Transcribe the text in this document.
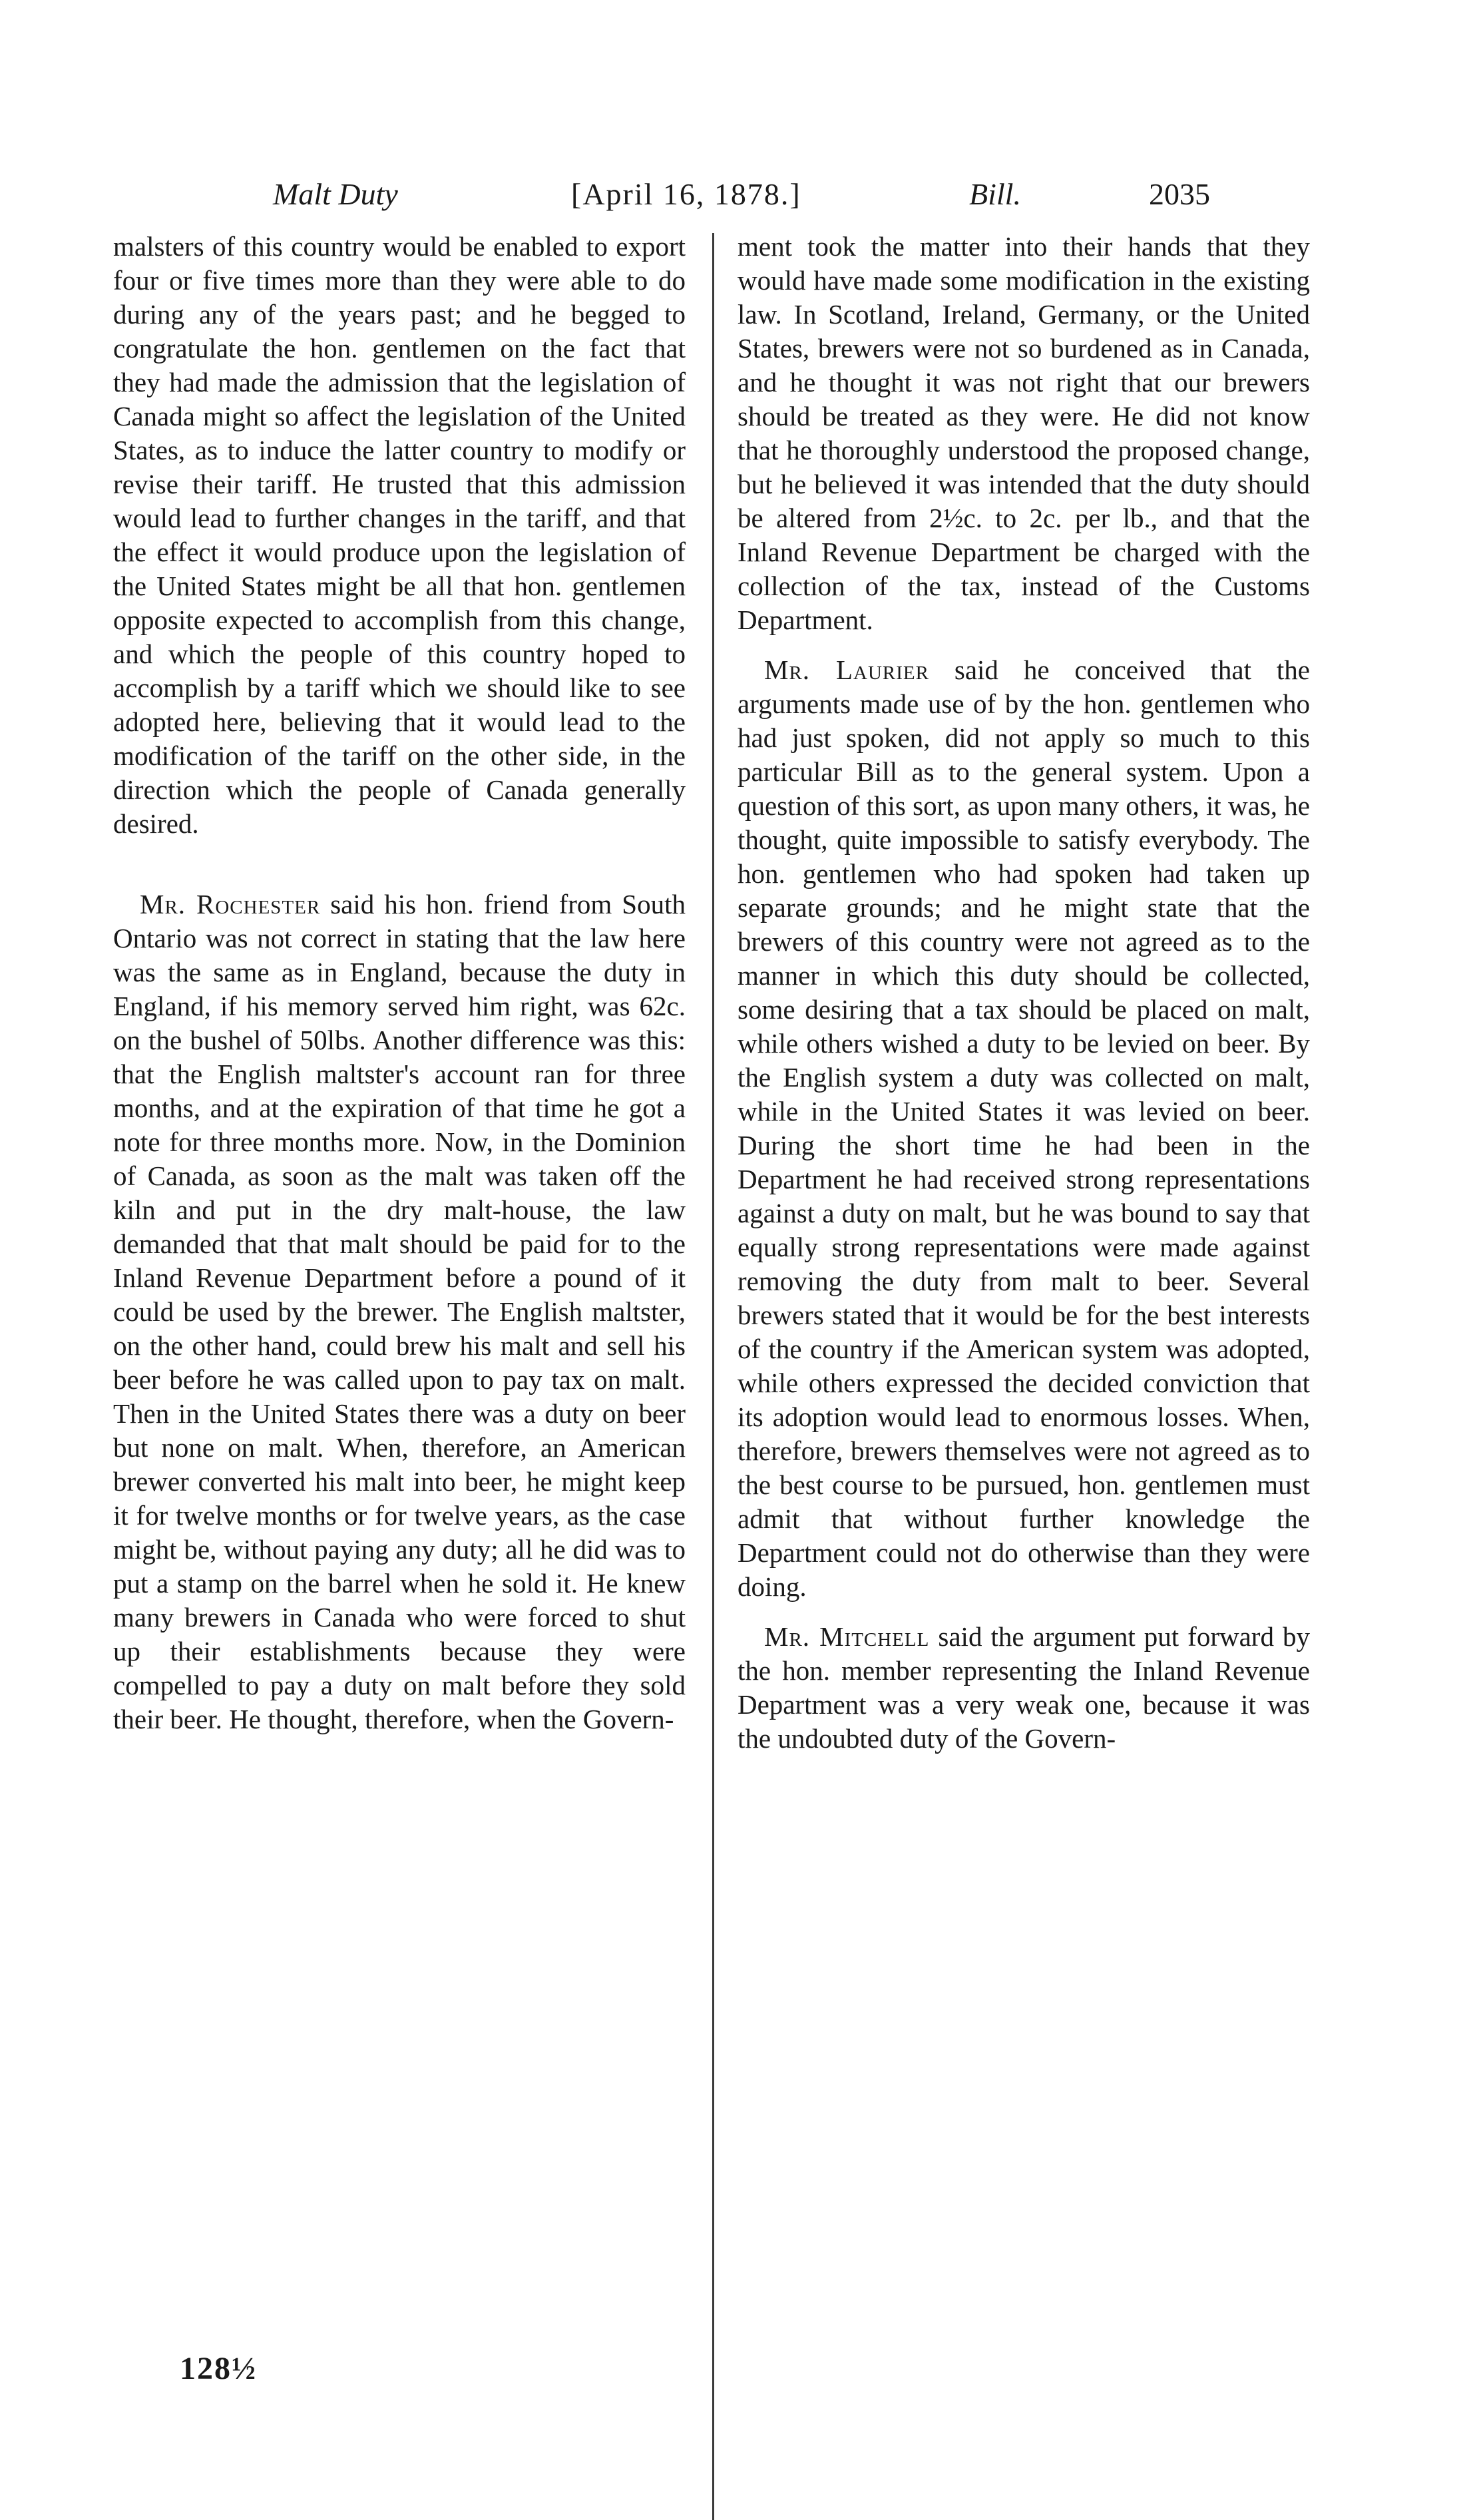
Malt Duty	[April 16, 1878.]	Bill.	2035

malsters of this country would be enabled to export four or five times more than they were able to do during any of the years past; and he begged to congratulate the hon. gentlemen on the fact that they had made the admission that the legislation of Canada might so affect the legislation of the United States, as to induce the latter country to modify or revise their tariff. He trusted that this admission would lead to further changes in the tariff, and that the effect it would produce upon the legislation of the United States might be all that hon. gentlemen opposite expected to accomplish from this change, and which the people of this country hoped to accomplish by a tariff which we should like to see adopted here, believing that it would lead to the modification of the tariff on the other side, in the direction which the people of Canada generally desired.

Mr. Rochester said his hon. friend from South Ontario was not correct in stating that the law here was the same as in England, because the duty in England, if his memory served him right, was 62c. on the bushel of 50lbs. Another difference was this: that the English maltster's account ran for three months, and at the expiration of that time he got a note for three months more. Now, in the Dominion of Canada, as soon as the malt was taken off the kiln and put in the dry malt-house, the law demanded that that malt should be paid for to the Inland Revenue Department before a pound of it could be used by the brewer. The English maltster, on the other hand, could brew his malt and sell his beer before he was called upon to pay tax on malt. Then in the United States there was a duty on beer but none on malt. When, therefore, an American brewer converted his malt into beer, he might keep it for twelve months or for twelve years, as the case might be, without paying any duty; all he did was to put a stamp on the barrel when he sold it. He knew many brewers in Canada who were forced to shut up their establishments because they were compelled to pay a duty on malt before they sold their beer. He thought, therefore, when the Govern-

ment took the matter into their hands that they would have made some modification in the existing law. In Scotland, Ireland, Germany, or the United States, brewers were not so burdened as in Canada, and he thought it was not right that our brewers should be treated as they were. He did not know that he thoroughly understood the proposed change, but he believed it was intended that the duty should be altered from 2½c. to 2c. per lb., and that the Inland Revenue Department be charged with the collection of the tax, instead of the Customs Department.

Mr. Laurier said he conceived that the arguments made use of by the hon. gentlemen who had just spoken, did not apply so much to this particular Bill as to the general system. Upon a question of this sort, as upon many others, it was, he thought, quite impossible to satisfy everybody. The hon. gentlemen who had spoken had taken up separate grounds; and he might state that the brewers of this country were not agreed as to the manner in which this duty should be collected, some desiring that a tax should be placed on malt, while others wished a duty to be levied on beer. By the English system a duty was collected on malt, while in the United States it was levied on beer. During the short time he had been in the Department he had received strong representations against a duty on malt, but he was bound to say that equally strong representations were made against removing the duty from malt to beer. Several brewers stated that it would be for the best interests of the country if the American system was adopted, while others expressed the decided conviction that its adoption would lead to enormous losses. When, therefore, brewers themselves were not agreed as to the best course to be pursued, hon. gentlemen must admit that without further knowledge the Department could not do otherwise than they were doing.

Mr. Mitchell said the argument put forward by the hon. member representing the Inland Revenue Department was a very weak one, because it was the undoubted duty of the Govern-

128½
